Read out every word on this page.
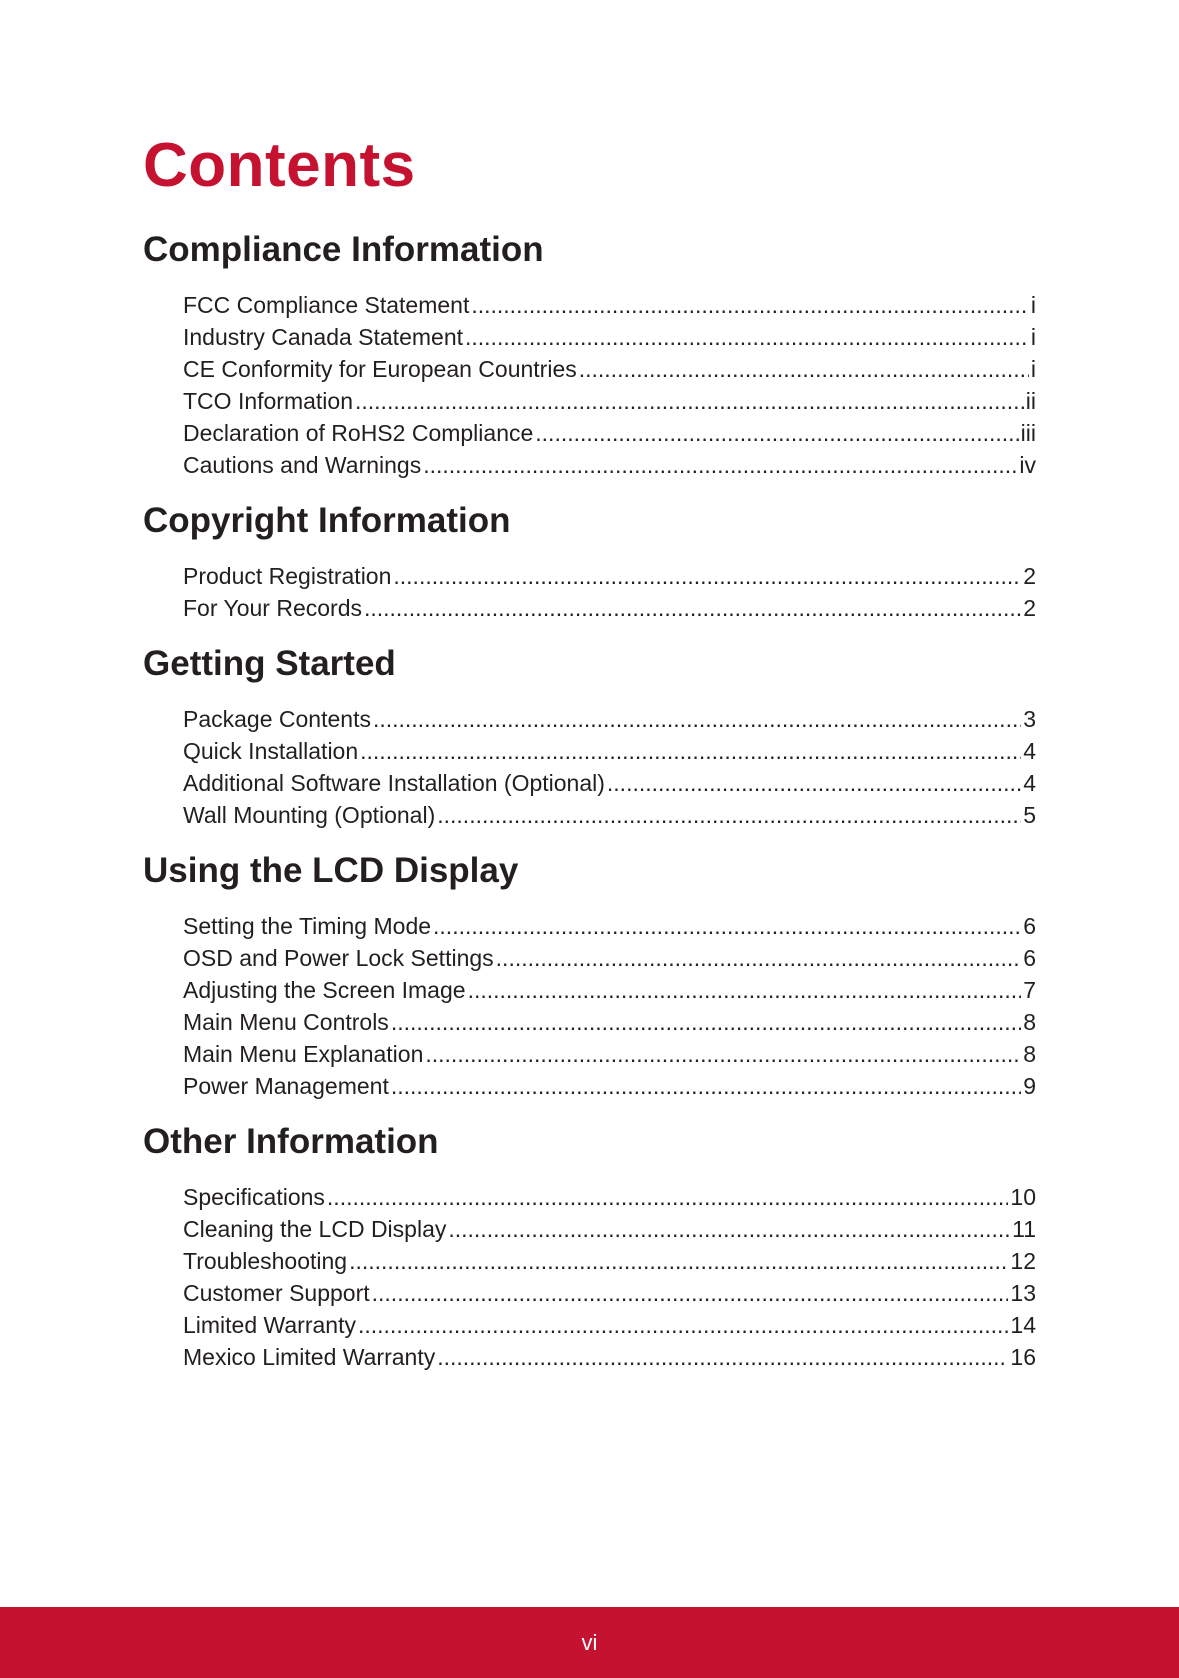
Contents
Compliance Information
FCC Compliance Statement .....	i
Industry Canada Statement .....	i
CE Conformity for European Countries .....	i
TCO Information .....	ii
Declaration of RoHS2 Compliance .....	iii
Cautions and Warnings .....	iv
Copyright Information
Product Registration .....	2
For Your Records .....	2
Getting Started
Package Contents .....	3
Quick Installation .....	4
Additional Software Installation (Optional) .....	4
Wall Mounting (Optional) .....	5
Using the LCD Display
Setting the Timing Mode .....	6
OSD and Power Lock Settings .....	6
Adjusting the Screen Image .....	7
Main Menu Controls .....	8
Main Menu Explanation .....	8
Power Management .....	9
Other Information
Specifications .....	10
Cleaning the LCD Display .....	11
Troubleshooting .....	12
Customer Support .....	13
Limited Warranty .....	14
Mexico Limited Warranty .....	16
vi
